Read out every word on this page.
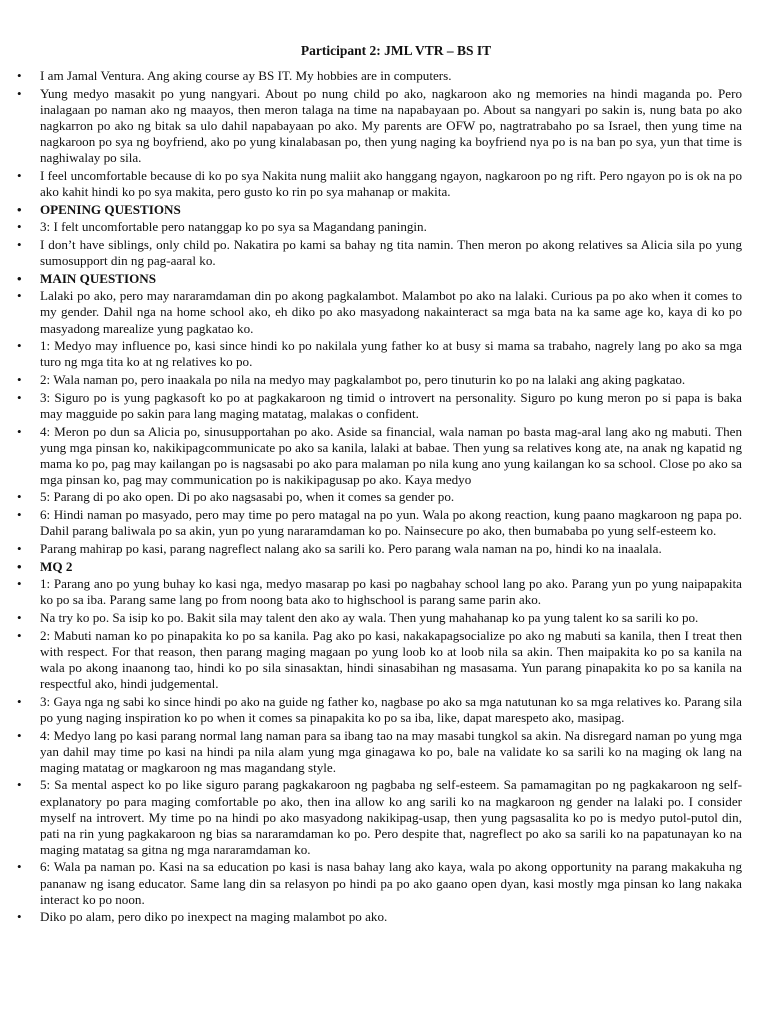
Participant 2: JML VTR – BS IT
• I am Jamal Ventura. Ang aking course ay BS IT. My hobbies are in computers.
• Yung medyo masakit po yung nangyari. About po nung child po ako, nagkaroon ako ng memories na hindi maganda po. Pero inalagaan po naman ako ng maayos, then meron talaga na time na napabayaan po. About sa nangyari po sakin is, nung bata po ako nagkarron po ako ng bitak sa ulo dahil napabayaan po ako. My parents are OFW po, nagtratrabaho po sa Israel, then yung time na nagkaroon po sya ng boyfriend, ako po yung kinalabasan po, then yung naging ka boyfriend nya po is na ban po sya, yun that time is naghiwalay po sila.
• I feel uncomfortable because di ko po sya Nakita nung maliit ako hanggang ngayon, nagkaroon po ng rift. Pero ngayon po is ok na po ako kahit hindi ko po sya makita, pero gusto ko rin po sya mahanap or makita.
• OPENING QUESTIONS
• 3: I felt uncomfortable pero natanggap ko po sya sa Magandang paningin.
• I don’t have siblings, only child po. Nakatira po kami sa bahay ng tita namin. Then meron po akong relatives sa Alicia sila po yung sumosupport din ng pag-aaral ko.
• MAIN QUESTIONS
• Lalaki po ako, pero may nararamdaman din po akong pagkalambot. Malambot po ako na lalaki. Curious pa po ako when it comes to my gender. Dahil nga na home school ako, eh diko po ako masyadong nakainteract sa mga bata na ka same age ko, kaya di ko po masyadong marealize yung pagkatao ko.
• 1: Medyo may influence po, kasi since hindi ko po nakilala yung father ko at busy si mama sa trabaho, nagrely lang po ako sa mga turo ng mga tita ko at ng relatives ko po.
• 2: Wala naman po, pero inaakala po nila na medyo may pagkalambot po, pero tinuturin ko po na lalaki ang aking pagkatao.
• 3: Siguro po is yung pagkasoft ko po at pagkakaroon ng timid o introvert na personality. Siguro po kung meron po si papa is baka may magguide po sakin para lang maging matatag, malakas o confident.
• 4: Meron po dun sa Alicia po, sinusupportahan po ako. Aside sa financial, wala naman po basta mag-aral lang ako ng mabuti. Then yung mga pinsan ko, nakikipagcommunicate po ako sa kanila, lalaki at babae. Then yung sa relatives kong ate, na anak ng kapatid ng mama ko po, pag may kailangan po is nagsasabi po ako para malaman po nila kung ano yung kailangan ko sa school. Close po ako sa mga pinsan ko, pag may communication po is nakikipagusap po ako. Kaya medyo
• 5: Parang di po ako open. Di po ako nagsasabi po, when it comes sa gender po.
• 6: Hindi naman po masyado, pero may time po pero matagal na po yun. Wala po akong reaction, kung paano magkaroon ng papa po. Dahil parang baliwala po sa akin, yun po yung nararamdaman ko po. Nainsecure po ako, then bumababa po yung self-esteem ko.
• Parang mahirap po kasi, parang nagreflect nalang ako sa sarili ko. Pero parang wala naman na po, hindi ko na inaalala.
• MQ 2
• 1: Parang ano po yung buhay ko kasi nga, medyo masarap po kasi po nagbahay school lang po ako. Parang yun po yung naipapakita ko po sa iba. Parang same lang po from noong bata ako to highschool is parang same parin ako.
• Na try ko po. Sa isip ko po. Bakit sila may talent den ako ay wala. Then yung mahahanap ko pa yung talent ko sa sarili ko po.
• 2: Mabuti naman ko po pinapakita ko po sa kanila. Pag ako po kasi, nakakapagsocialize po ako ng mabuti sa kanila, then I treat then with respect. For that reason, then parang maging magaan po yung loob ko at loob nila sa akin. Then maipakita ko po sa kanila na wala po akong inaanong tao, hindi ko po sila sinasaktan, hindi sinasabihan ng masasama. Yun parang pinapakita ko po sa kanila na respectful ako, hindi judgemental.
• 3: Gaya nga ng sabi ko since hindi po ako na guide ng father ko, nagbase po ako sa mga natutunan ko sa mga relatives ko. Parang sila po yung naging inspiration ko po when it comes sa pinapakita ko po sa iba, like, dapat marespeto ako, masipag.
• 4: Medyo lang po kasi parang normal lang naman para sa ibang tao na may masabi tungkol sa akin. Na disregard naman po yung mga yan dahil may time po kasi na hindi pa nila alam yung mga ginagawa ko po, bale na validate ko sa sarili ko na maging ok lang na maging matatag or magkaroon ng mas magandang style.
• 5: Sa mental aspect ko po like siguro parang pagkakaroon ng pagbaba ng self-esteem. Sa pamamagitan po ng pagkakaroon ng self-explanatory po para maging comfortable po ako, then ina allow ko ang sarili ko na magkaroon ng gender na lalaki po. I consider myself na introvert. My time po na hindi po ako masyadong nakikipag-usap, then yung pagsasalita ko po is medyo putol-putol din, pati na rin yung pagkakaroon ng bias sa nararamdaman ko po. Pero despite that, nagreflect po ako sa sarili ko na papatunayan ko na maging matatag sa gitna ng mga nararamdaman ko.
• 6: Wala pa naman po. Kasi na sa education po kasi is nasa bahay lang ako kaya, wala po akong opportunity na parang makakuha ng pananaw ng isang educator. Same lang din sa relasyon po hindi pa po ako gaano open dyan, kasi mostly mga pinsan ko lang nakaka interact ko po noon.
• Diko po alam, pero diko po inexpect na maging malambot po ako.
